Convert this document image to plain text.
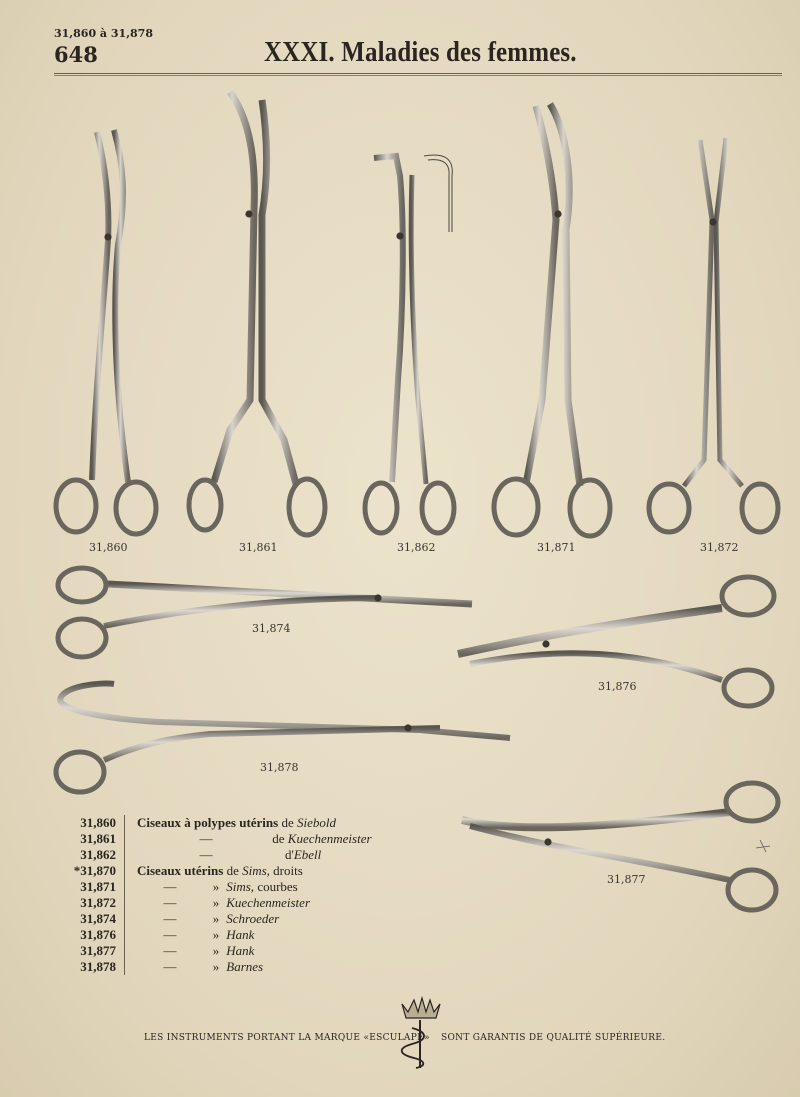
31,860 à 31,878
648	XXXI. Maladies des femmes.
31,860	31,861	31,862	31,871	31,872
31,874
31,876
31,878
31,877
31,860	Ciseaux à polypes utérins de Siebold
31,861	—	de Kuechenmeister
31,862	—	d'Ebell
*31,870	Ciseaux utérins de Sims, droits
31,871	—	» Sims, courbes
31,872	—	» Kuechenmeister
31,874	—	» Schroeder
31,876	—	» Hank
31,877	—	» Hank
31,878	—	» Barnes
LES INSTRUMENTS PORTANT LA MARQUE «ESCULAPE» SONT GARANTIS DE QUALITÉ SUPÉRIEURE.
